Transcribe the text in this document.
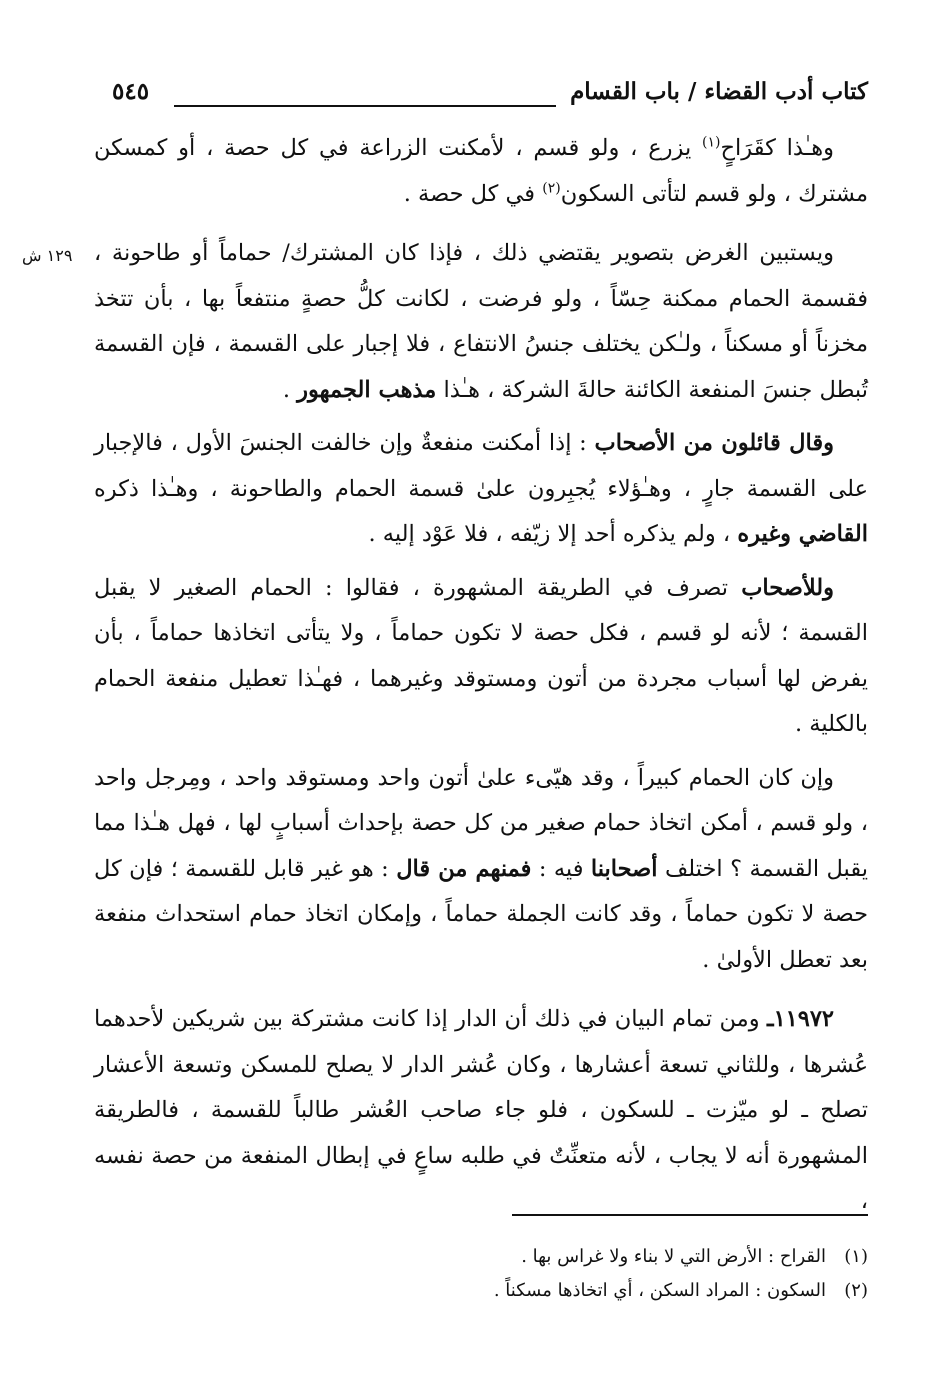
كتاب أدب القضاء / باب القسام
٥٤٥
١٢٩ ش

وهـٰذا كقَرَاحٍ$^{(١)}$ يزرع ، ولو قسم ، لأمكنت الزراعة في كل حصة ، أو كمسكن مشترك ، ولو قسم لتأتى السكون$^{(٢)}$ في كل حصة .

ويستبين الغرض بتصوير يقتضي ذلك ، فإذا كان المشترك/ حماماً أو طاحونة ، فقسمة الحمام ممكنة حِسّاً ، ولو فرضت ، لكانت كلُّ حصةٍ منتفعاً بها ، بأن تتخذ مخزناً أو مسكناً ، ولـٰكن يختلف جنسُ الانتفاع ، فلا إجبار على القسمة ، فإن القسمة تُبطل جنسَ المنفعة الكائنة حالةَ الشركة ، هـٰذا مذهب الجمهور .

وقال قائلون من الأصحاب : إذا أمكنت منفعةٌ وإن خالفت الجنسَ الأول ، فالإجبار على القسمة جارٍ ، وهـٰؤلاء يُجبِرون علىٰ قسمة الحمام والطاحونة ، وهـٰذا ذكره القاضي وغيره ، ولم يذكره أحد إلا زيّفه ، فلا عَوْد إليه .

وللأصحاب تصرف في الطريقة المشهورة ، فقالوا : الحمام الصغير لا يقبل القسمة ؛ لأنه لو قسم ، فكل حصة لا تكون حماماً ، ولا يتأتى اتخاذها حماماً ، بأن يفرض لها أسباب مجردة من أتون ومستوقد وغيرهما ، فهـٰذا تعطيل منفعة الحمام بالكلية .

وإن كان الحمام كبيراً ، وقد هيّىء علىٰ أتون واحد ومستوقد واحد ، ومِرجل واحد ، ولو قسم ، أمكن اتخاذ حمام صغير من كل حصة بإحداث أسبابٍ لها ، فهل هـٰذا مما يقبل القسمة ؟ اختلف أصحابنا فيه : فمنهم من قال : هو غير قابل للقسمة ؛ فإن كل حصة لا تكون حماماً ، وقد كانت الجملة حماماً ، وإمكان اتخاذ حمام استحداث منفعة بعد تعطل الأولىٰ .

١١٩٧٢ـ ومن تمام البيان في ذلك أن الدار إذا كانت مشتركة بين شريكين لأحدهما عُشرها ، وللثاني تسعة أعشارها ، وكان عُشر الدار لا يصلح للمسكن وتسعة الأعشار تصلح ـ لو ميّزت ـ للسكون ، فلو جاء صاحب العُشر طالباً للقسمة ، فالطريقة المشهورة أنه لا يجاب ، لأنه متعنِّتٌ في طلبه ساعٍ في إبطال المنفعة من حصة نفسه ،

(١)القراح : الأرض التي لا بناء ولا غراس بها .

(٢)السكون : المراد السكن ، أي اتخاذها مسكناً .
